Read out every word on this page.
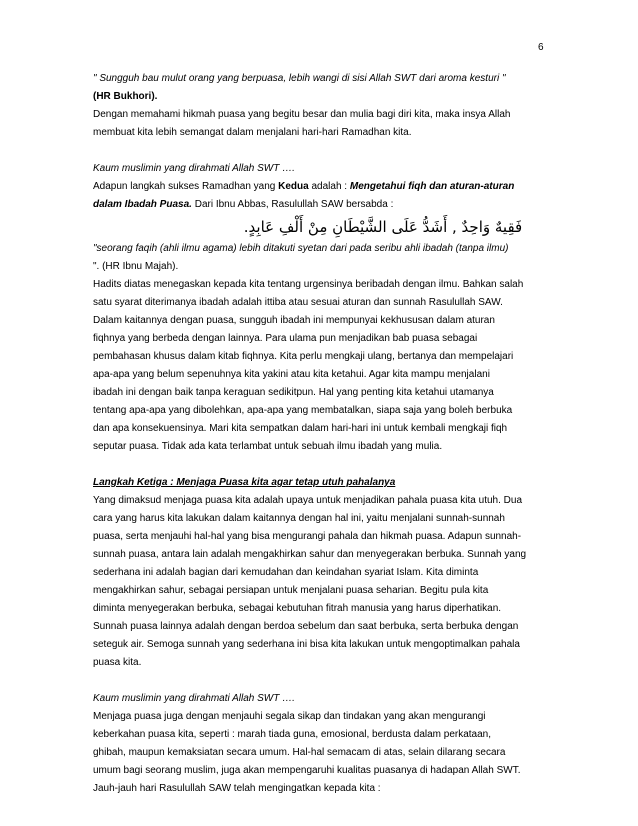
6
" Sungguh bau mulut orang yang berpuasa, lebih wangi di sisi Allah SWT dari aroma kesturi "
(HR Bukhori).
Dengan memahami hikmah puasa yang begitu besar dan mulia bagi diri kita, maka insya Allah
membuat kita lebih semangat dalam menjalani hari-hari Ramadhan kita.
Kaum muslimin yang dirahmati Allah SWT ….
Adapun langkah sukses Ramadhan yang Kedua adalah : Mengetahui fiqh dan aturan-aturan
dalam Ibadah Puasa. Dari Ibnu Abbas, Rasulullah SAW bersabda :
فَقِيهٌ وَاحِدٌ , أَشَدُّ عَلَى الشَّيْطَانِ مِنْ أَلْفِ عَابِدٍ.
"seorang faqih (ahli ilmu agama) lebih ditakuti syetan dari pada seribu ahli ibadah (tanpa ilmu)
". (HR Ibnu Majah).
Hadits diatas menegaskan kepada kita tentang urgensinya beribadah dengan ilmu. Bahkan salah
satu syarat diterimanya ibadah adalah ittiba atau sesuai aturan dan sunnah Rasulullah SAW.
Dalam kaitannya dengan puasa, sungguh ibadah ini mempunyai kekhususan dalam aturan
fiqhnya yang berbeda dengan lainnya. Para ulama pun menjadikan bab puasa sebagai
pembahasan khusus dalam kitab fiqhnya. Kita perlu mengkaji ulang, bertanya dan mempelajari
apa-apa yang belum sepenuhnya kita yakini atau kita ketahui. Agar kita mampu menjalani
ibadah ini dengan baik tanpa keraguan sedikitpun. Hal yang penting kita ketahui utamanya
tentang apa-apa yang dibolehkan, apa-apa yang membatalkan, siapa saja yang boleh berbuka
dan apa konsekuensinya. Mari kita sempatkan dalam hari-hari ini untuk kembali mengkaji fiqh
seputar puasa. Tidak ada kata terlambat untuk sebuah ilmu ibadah yang mulia.
Langkah Ketiga : Menjaga Puasa kita agar tetap utuh pahalanya
Yang dimaksud menjaga puasa kita adalah upaya untuk menjadikan pahala puasa kita utuh. Dua
cara yang harus kita lakukan dalam kaitannya dengan hal ini, yaitu menjalani sunnah-sunnah
puasa, serta menjauhi hal-hal yang bisa mengurangi pahala dan hikmah puasa. Adapun sunnah-
sunnah puasa, antara lain adalah mengakhirkan sahur dan menyegerakan berbuka. Sunnah yang
sederhana ini adalah bagian dari kemudahan dan keindahan syariat Islam. Kita diminta
mengakhirkan sahur, sebagai persiapan untuk menjalani puasa seharian. Begitu pula kita
diminta menyegerakan berbuka, sebagai kebutuhan fitrah manusia yang harus diperhatikan.
Sunnah puasa lainnya adalah dengan berdoa sebelum dan saat berbuka, serta berbuka dengan
seteguk air. Semoga sunnah yang sederhana ini bisa kita lakukan untuk mengoptimalkan pahala
puasa kita.
Kaum muslimin yang dirahmati Allah SWT ….
Menjaga puasa juga dengan menjauhi segala sikap dan tindakan yang akan mengurangi
keberkahan puasa kita, seperti : marah tiada guna, emosional, berdusta dalam perkataan,
ghibah, maupun kemaksiatan secara umum. Hal-hal semacam di atas, selain dilarang secara
umum bagi seorang muslim, juga akan mempengaruhi kualitas puasanya di hadapan Allah SWT.
Jauh-jauh hari Rasulullah SAW telah mengingatkan kepada kita :
